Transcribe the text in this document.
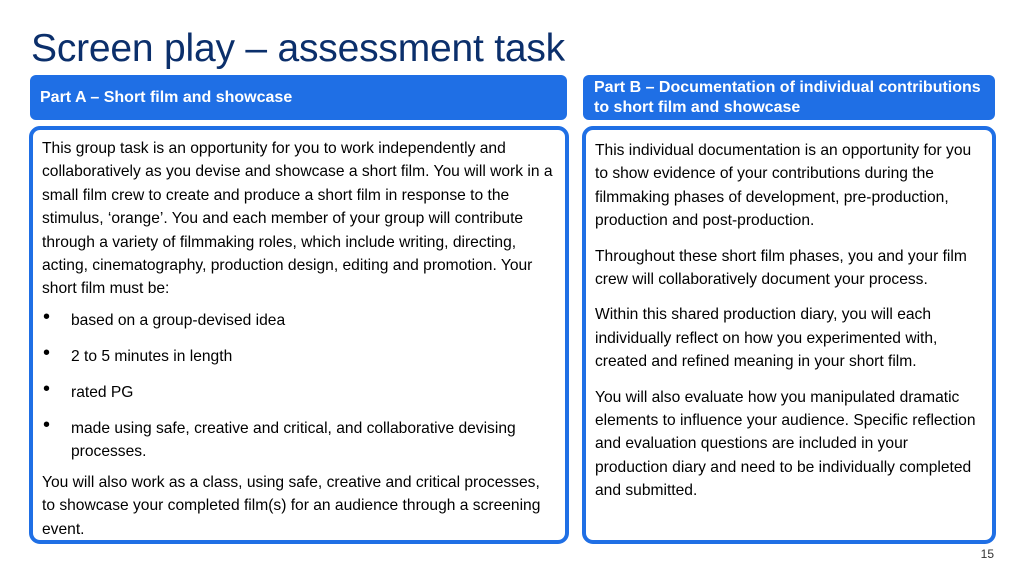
Screen play – assessment task
Part A – Short film and showcase
Part B – Documentation of individual contributions to short film and showcase

This group task is an opportunity for you to work independently and collaboratively as you devise and showcase a short film. You will work in a small film crew to create and produce a short film in response to the stimulus, ‘orange’. You and each member of your group will contribute through a variety of filmmaking roles, which include writing, directing, acting, cinematography, production design, editing and promotion. Your short film must be:

• based on a group-devised idea
• 2 to 5 minutes in length
• rated PG
• made using safe, creative and critical, and collaborative devising processes.

You will also work as a class, using safe, creative and critical processes, to showcase your completed film(s) for an audience through a screening event.

This individual documentation is an opportunity for you to show evidence of your contributions during the filmmaking phases of development, pre-production, production and post-production.

Throughout these short film phases, you and your film crew will collaboratively document your process.

Within this shared production diary, you will each individually reflect on how you experimented with, created and refined meaning in your short film.

You will also evaluate how you manipulated dramatic elements to influence your audience. Specific reflection and evaluation questions are included in your production diary and need to be individually completed and submitted.

15
